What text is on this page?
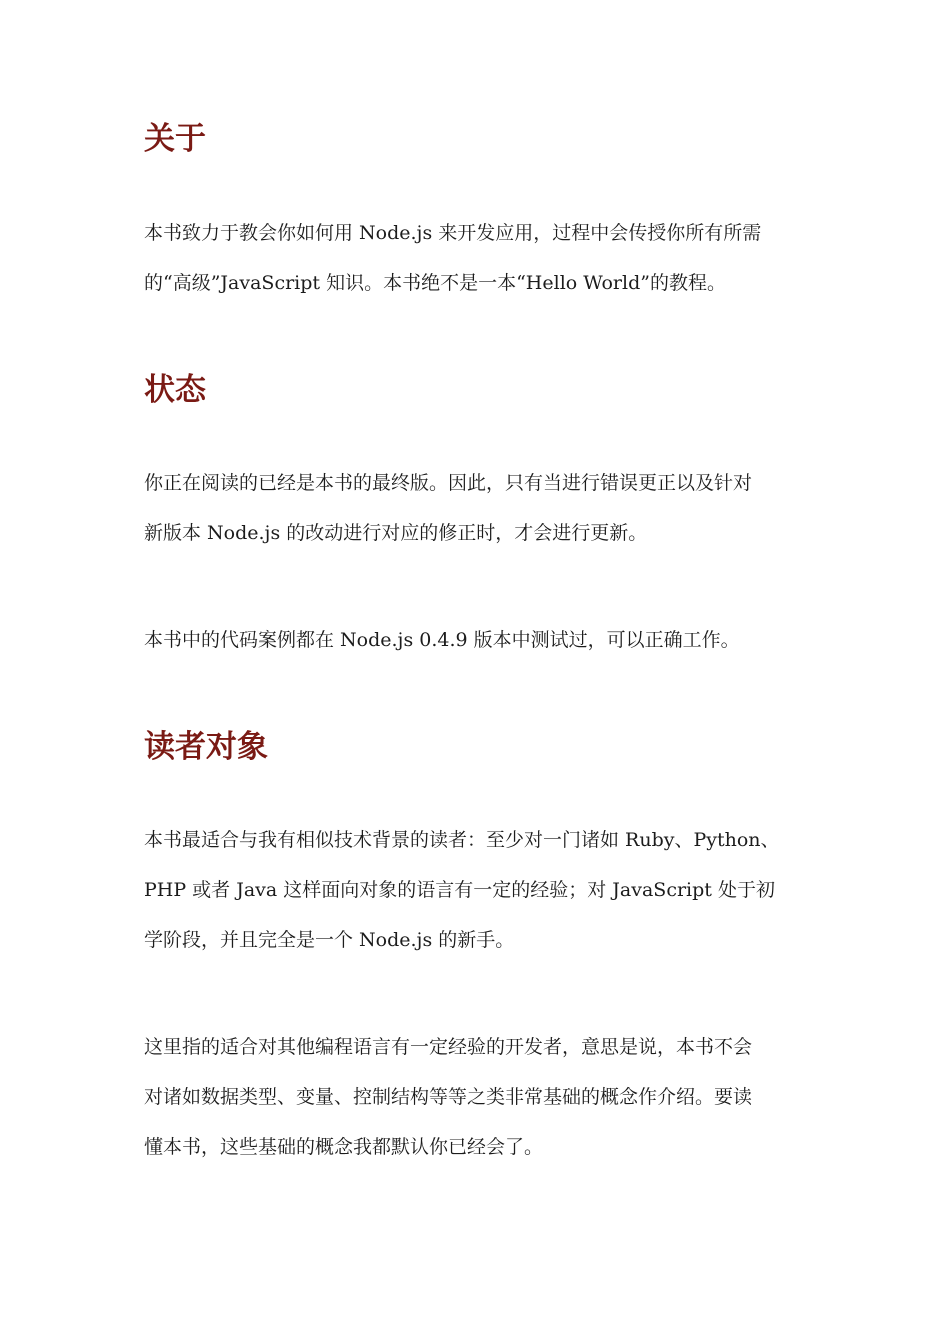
关于

本书致力于教会你如何用 Node.js 来开发应用，过程中会传授你所有所需
的“高级”JavaScript 知识。本书绝不是一本“Hello World”的教程。

状态

你正在阅读的已经是本书的最终版。因此，只有当进行错误更正以及针对
新版本 Node.js 的改动进行对应的修正时，才会进行更新。

本书中的代码案例都在 Node.js 0.4.9 版本中测试过，可以正确工作。

读者对象

本书最适合与我有相似技术背景的读者：至少对一门诸如 Ruby、Python、
PHP 或者 Java 这样面向对象的语言有一定的经验；对 JavaScript 处于初
学阶段，并且完全是一个 Node.js 的新手。

这里指的适合对其他编程语言有一定经验的开发者，意思是说，本书不会
对诸如数据类型、变量、控制结构等等之类非常基础的概念作介绍。要读
懂本书，这些基础的概念我都默认你已经会了。
